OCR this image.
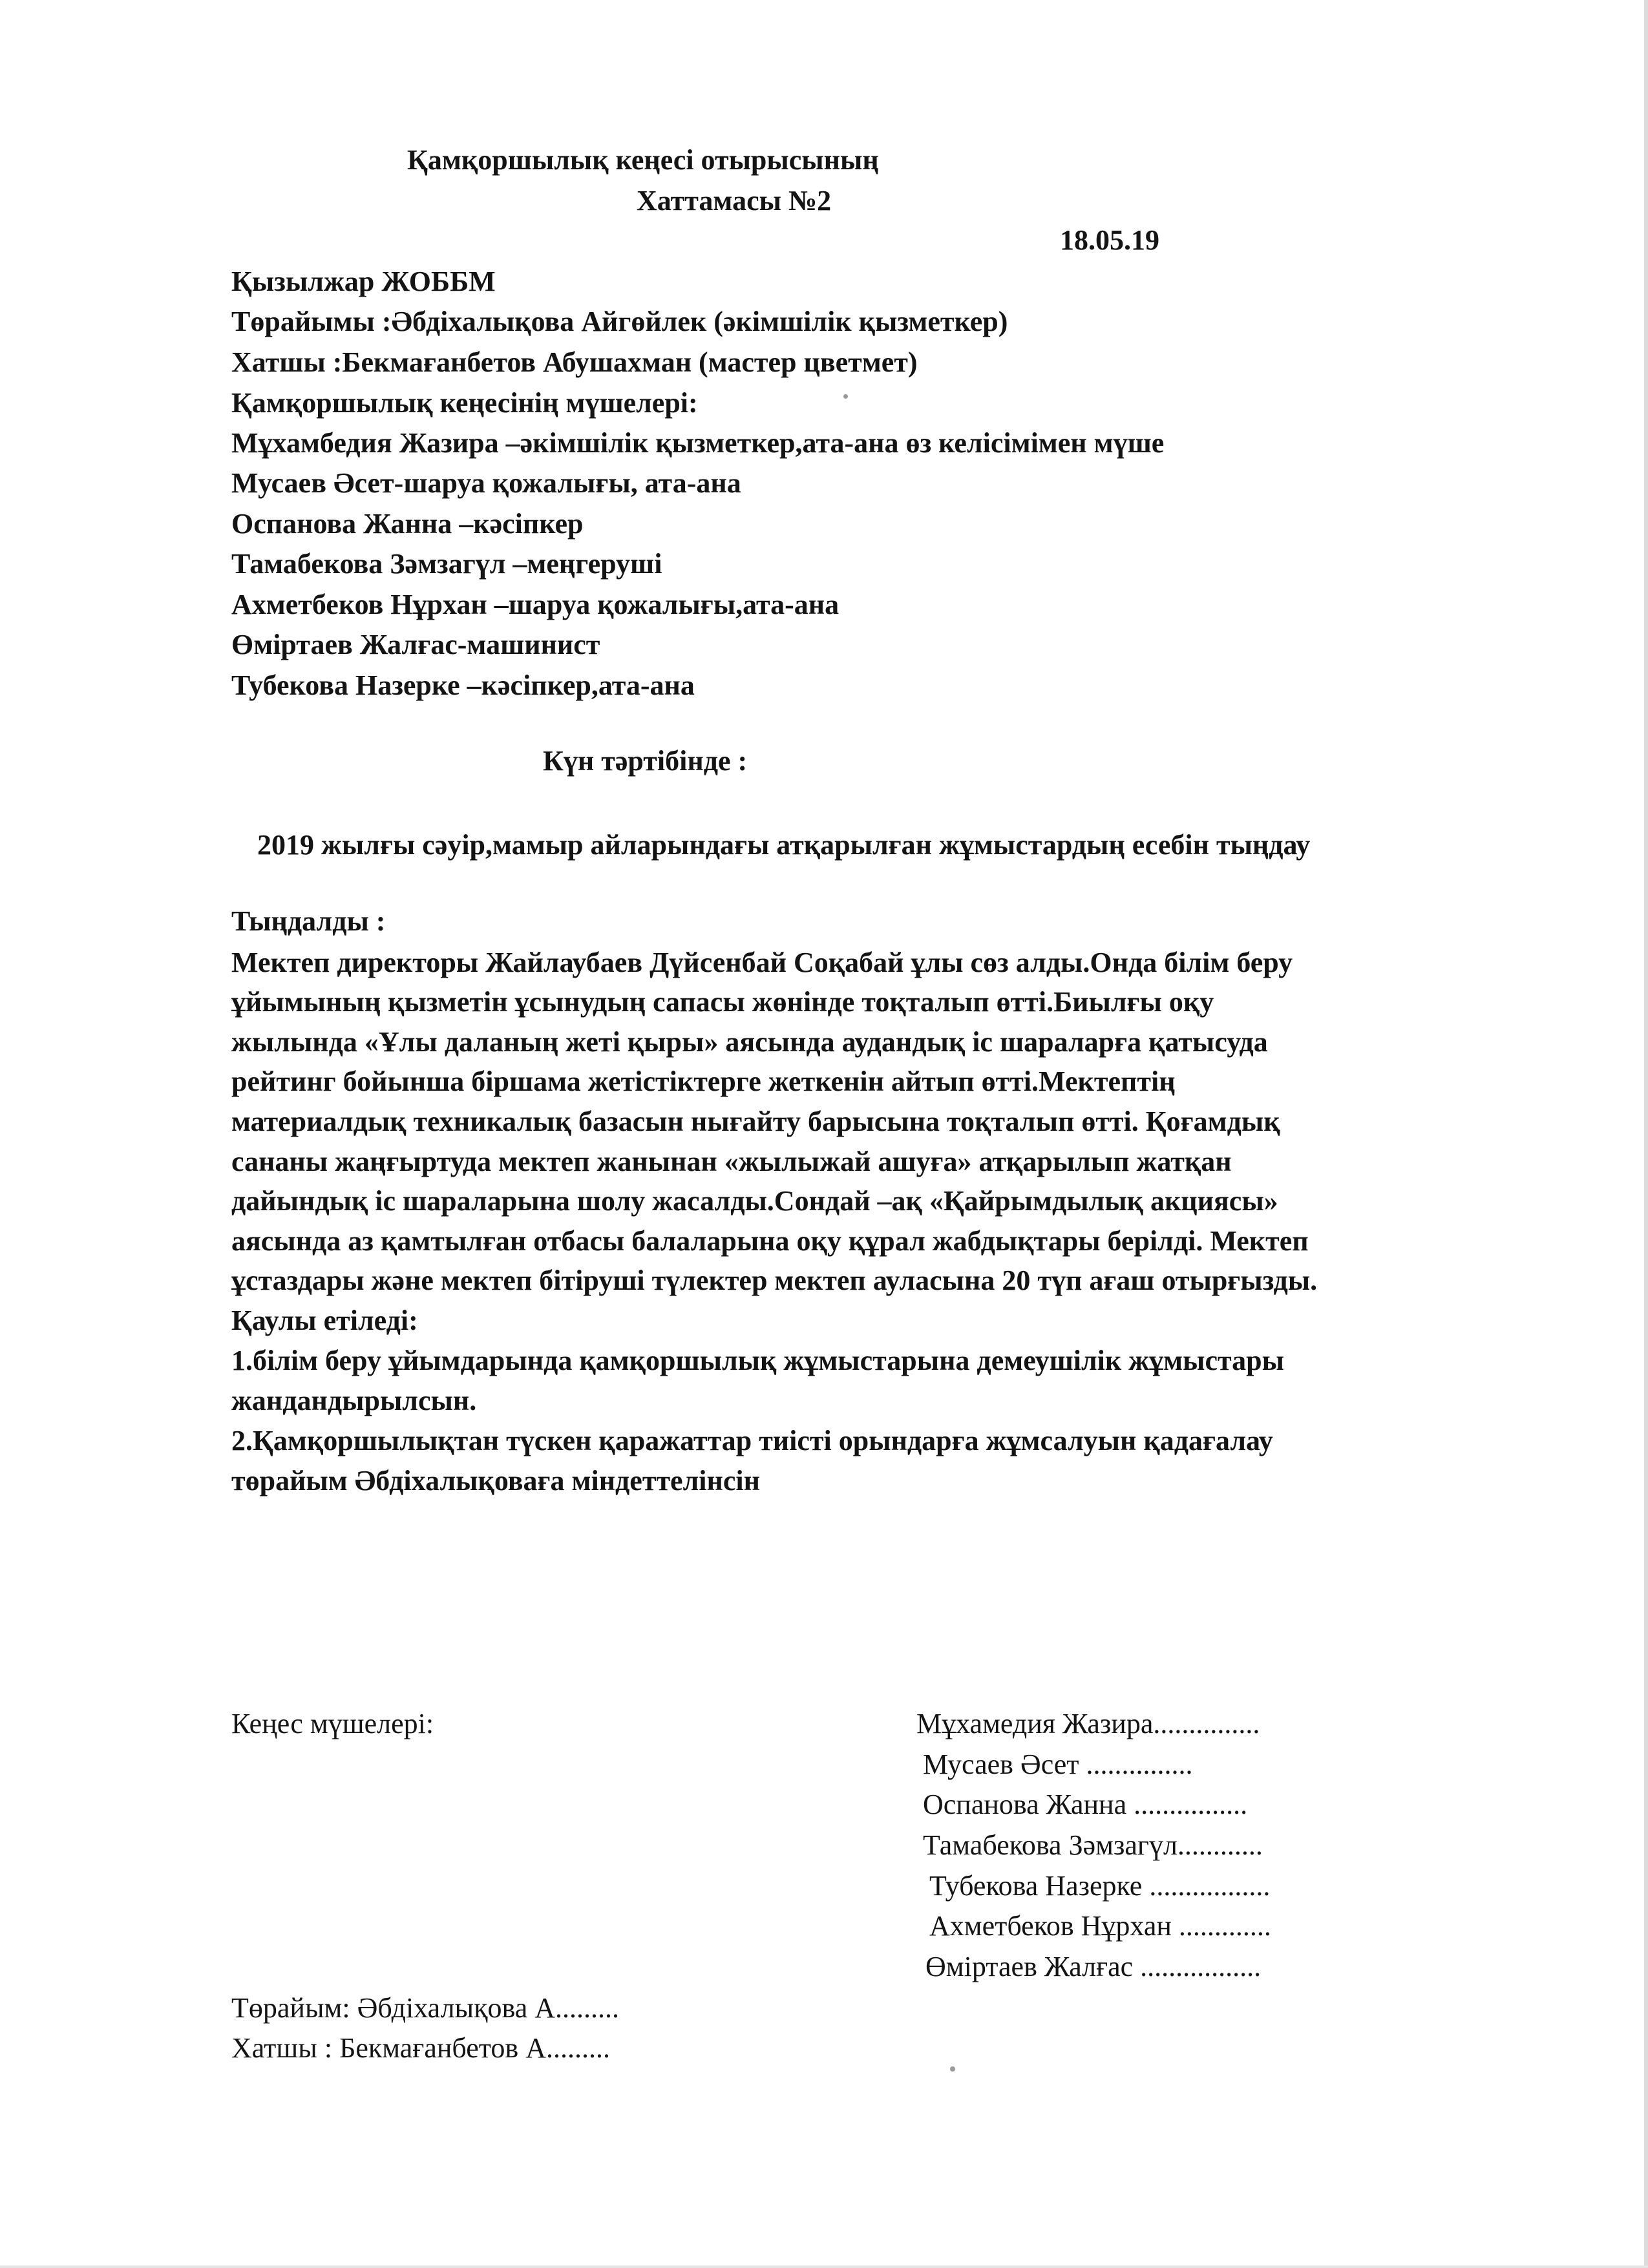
Қамқоршылық кеңесі отырысының
Хаттамасы №2
18.05.19
Қызылжар ЖОББМ
Төрайымы :Әбдіхалықова Айгөйлек (әкімшілік қызметкер)
Хатшы :Бекмағанбетов Абушахман (мастер цветмет)
Қамқоршылық кеңесінің мүшелері:
Мұхамбедия Жазира –әкімшілік қызметкер,ата-ана өз келісімімен мүше
Мусаев Әсет-шаруа қожалығы, ата-ана
Оспанова Жанна –кәсіпкер
Тамабекова Зәмзагүл –меңгеруші
Ахметбеков Нұрхан –шаруа қожалығы,ата-ана
Өміртаев Жалғас-машинист
Тубекова Назерке –кәсіпкер,ата-ана
Күн тәртібінде :
2019 жылғы сәуір,мамыр айларындағы атқарылған жұмыстардың есебін тыңдау
Тыңдалды :
Мектеп директоры Жайлаубаев Дүйсенбай Соқабай ұлы сөз алды.Онда білім беру
ұйымының қызметін ұсынудың сапасы жөнінде тоқталып өтті.Биылғы оқу
жылында «Ұлы даланың жеті қыры» аясында аудандық іс шараларға қатысуда
рейтинг бойынша біршама жетістіктерге жеткенін айтып өтті.Мектептің
материалдық техникалық базасын нығайту барысына тоқталып өтті. Қоғамдық
сананы жаңғыртуда мектеп жанынан «жылыжай ашуға» атқарылып жатқан
дайындық іс шараларына шолу жасалды.Сондай –ақ «Қайрымдылық акциясы»
аясында аз қамтылған отбасы балаларына оқу құрал жабдықтары берілді. Мектеп
ұстаздары және мектеп бітіруші түлектер мектеп ауласына 20 түп ағаш отырғызды.
Қаулы етіледі:
1.білім беру ұйымдарында қамқоршылық жұмыстарына демеушілік жұмыстары
жандандырылсын.
2.Қамқоршылықтан түскен қаражаттар тиісті орындарға жұмсалуын қадағалау
төрайым Әбдіхалықоваға міндеттелінсін
Кеңес мүшелері:	Мұхамедия Жазира...............
Мусаев Әсет ...............
Оспанова Жанна ................
Тамабекова Зәмзагүл............
Тубекова Назерке .................
Ахметбеков Нұрхан .............
Өміртаев Жалғас .................
Төрайым: Әбдіхалықова А.........
Хатшы : Бекмағанбетов А.........
